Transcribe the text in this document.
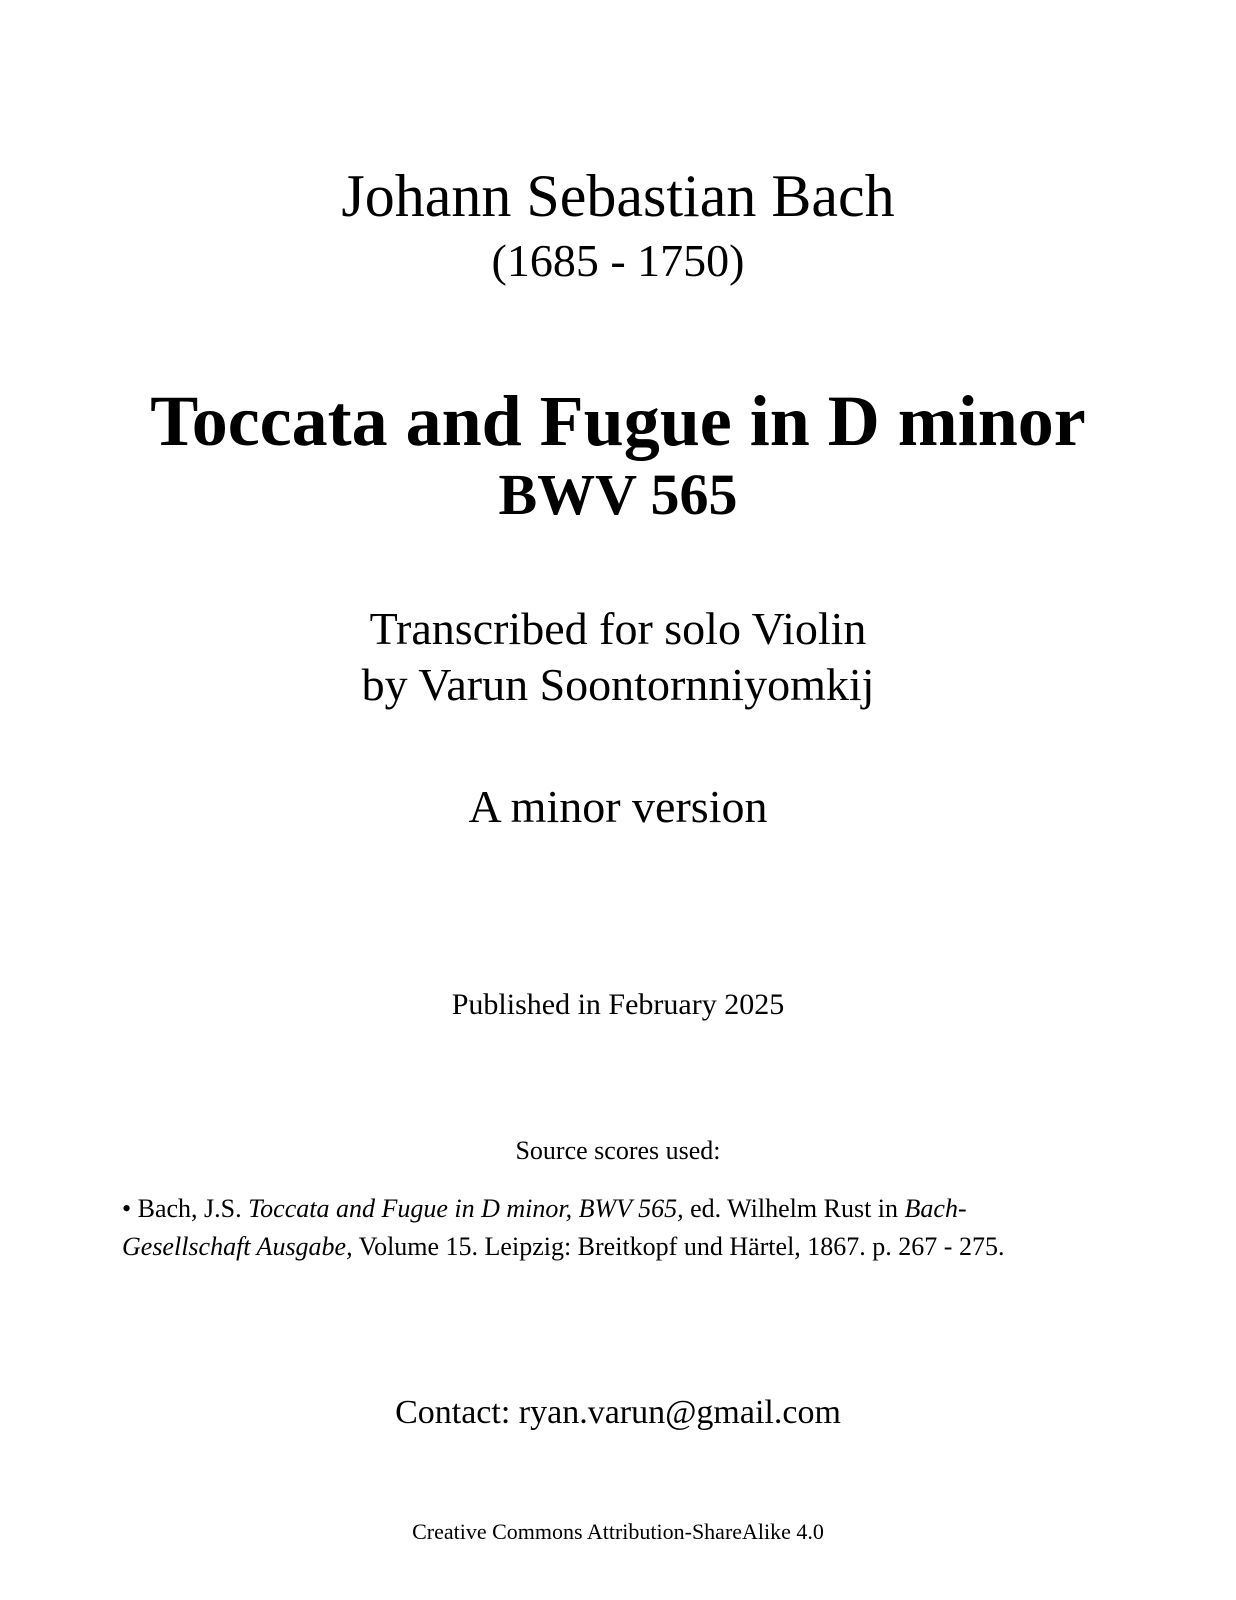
Johann Sebastian Bach
(1685 - 1750)
Toccata and Fugue in D minor
BWV 565
Transcribed for solo Violin
by Varun Soontornniyomkij
A minor version
Published in February 2025
Source scores used:
• Bach, J.S. Toccata and Fugue in D minor, BWV 565, ed. Wilhelm Rust in Bach-
Gesellschaft Ausgabe, Volume 15. Leipzig: Breitkopf und Härtel, 1867. p. 267 - 275.
Contact: ryan.varun@gmail.com
Creative Commons Attribution-ShareAlike 4.0
